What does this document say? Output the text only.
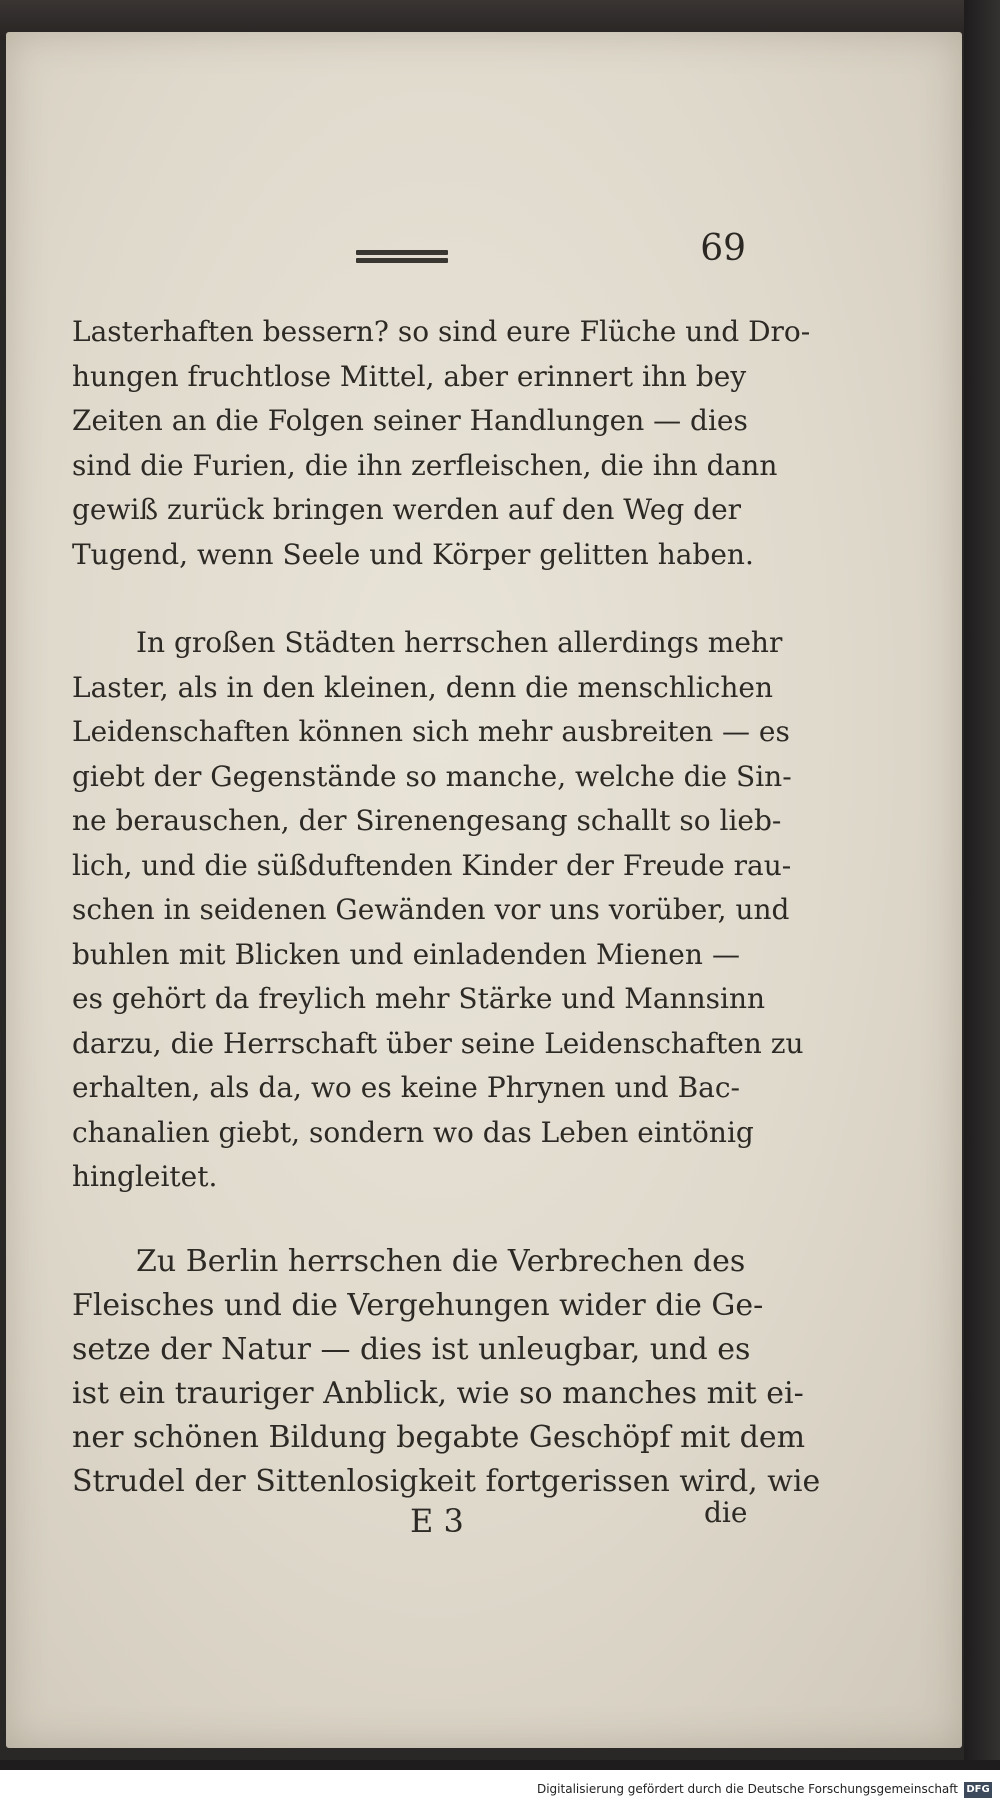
69
Lasterhaften bessern? so sind eure Flüche und Dro-
hungen fruchtlose Mittel, aber erinnert ihn bey
Zeiten an die Folgen seiner Handlungen — dies
sind die Furien, die ihn zerfleischen, die ihn dann
gewiß zurück bringen werden auf den Weg der
Tugend, wenn Seele und Körper gelitten haben.
In großen Städten herrschen allerdings mehr
Laster, als in den kleinen, denn die menschlichen
Leidenschaften können sich mehr ausbreiten — es
giebt der Gegenstände so manche, welche die Sin-
ne berauschen, der Sirenengesang schallt so lieb-
lich, und die süßduftenden Kinder der Freude rau-
schen in seidenen Gewänden vor uns vorüber, und
buhlen mit Blicken und einladenden Mienen —
es gehört da freylich mehr Stärke und Mannsinn
darzu, die Herrschaft über seine Leidenschaften zu
erhalten, als da, wo es keine Phrynen und Bac-
chanalien giebt, sondern wo das Leben eintönig
hingleitet.
Zu Berlin herrschen die Verbrechen des
Fleisches und die Vergehungen wider die Ge-
setze der Natur — dies ist unleugbar, und es
ist ein trauriger Anblick, wie so manches mit ei-
ner schönen Bildung begabte Geschöpf mit dem
Strudel der Sittenlosigkeit fortgerissen wird, wie
E 3	die
Digitalisierung gefördert durch die Deutsche Forschungsgemeinschaft DFG
